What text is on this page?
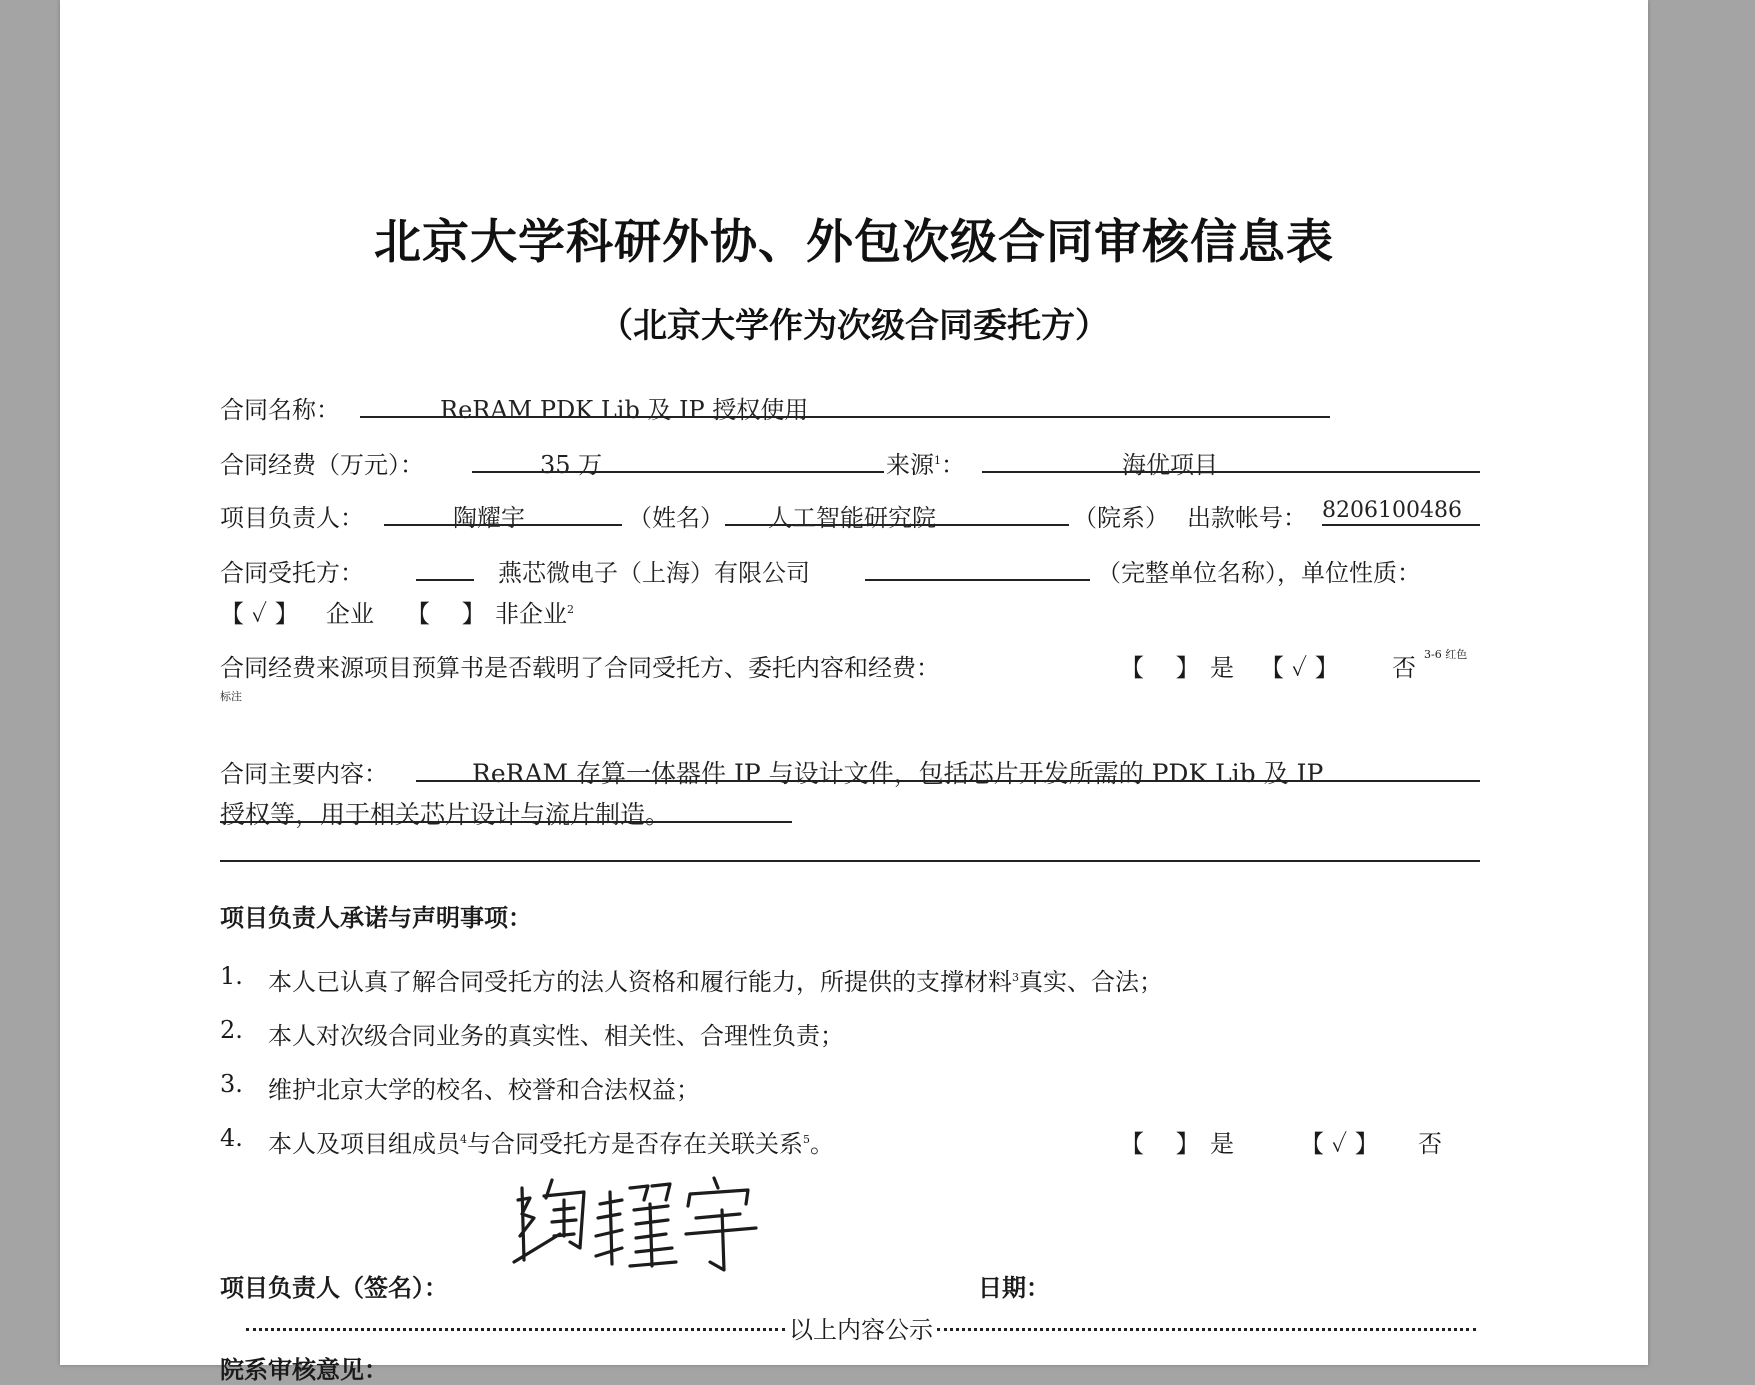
北京大学科研外协、外包次级合同审核信息表
（北京大学作为次级合同委托方）
合同名称：	ReRAM PDK Lib 及 IP 授权使用
合同经费（万元）：	35 万	来源$^1$：	海优项目
项目负责人：	陶耀宇	（姓名） 人工智能研究院	（院系） 出款帐号： 8206100486
合同受托方：	燕芯微电子（上海）有限公司	（完整单位名称），单位性质：
【 ✓ 】 企业 【　 】 非企业$^2$
合同经费来源项目预算书是否载明了合同受托方、委托内容和经费：	【　 】 是 【 ✓ 】 否 3-6 红色
标注
合同主要内容：	ReRAM 存算一体器件 IP 与设计文件，包括芯片开发所需的 PDK Lib 及 IP
授权等，用于相关芯片设计与流片制造。
项目负责人承诺与声明事项：
1. 本人已认真了解合同受托方的法人资格和履行能力，所提供的支撑材料$^3$真实、合法；
2. 本人对次级合同业务的真实性、相关性、合理性负责；
3. 维护北京大学的校名、校誉和合法权益；
4. 本人及项目组成员$^4$与合同受托方是否存在关联关系$^5$。	【　 】 是	【 ✓ 】 否
项目负责人（签名）：	日期：
以上内容公示
院系审核意见：
